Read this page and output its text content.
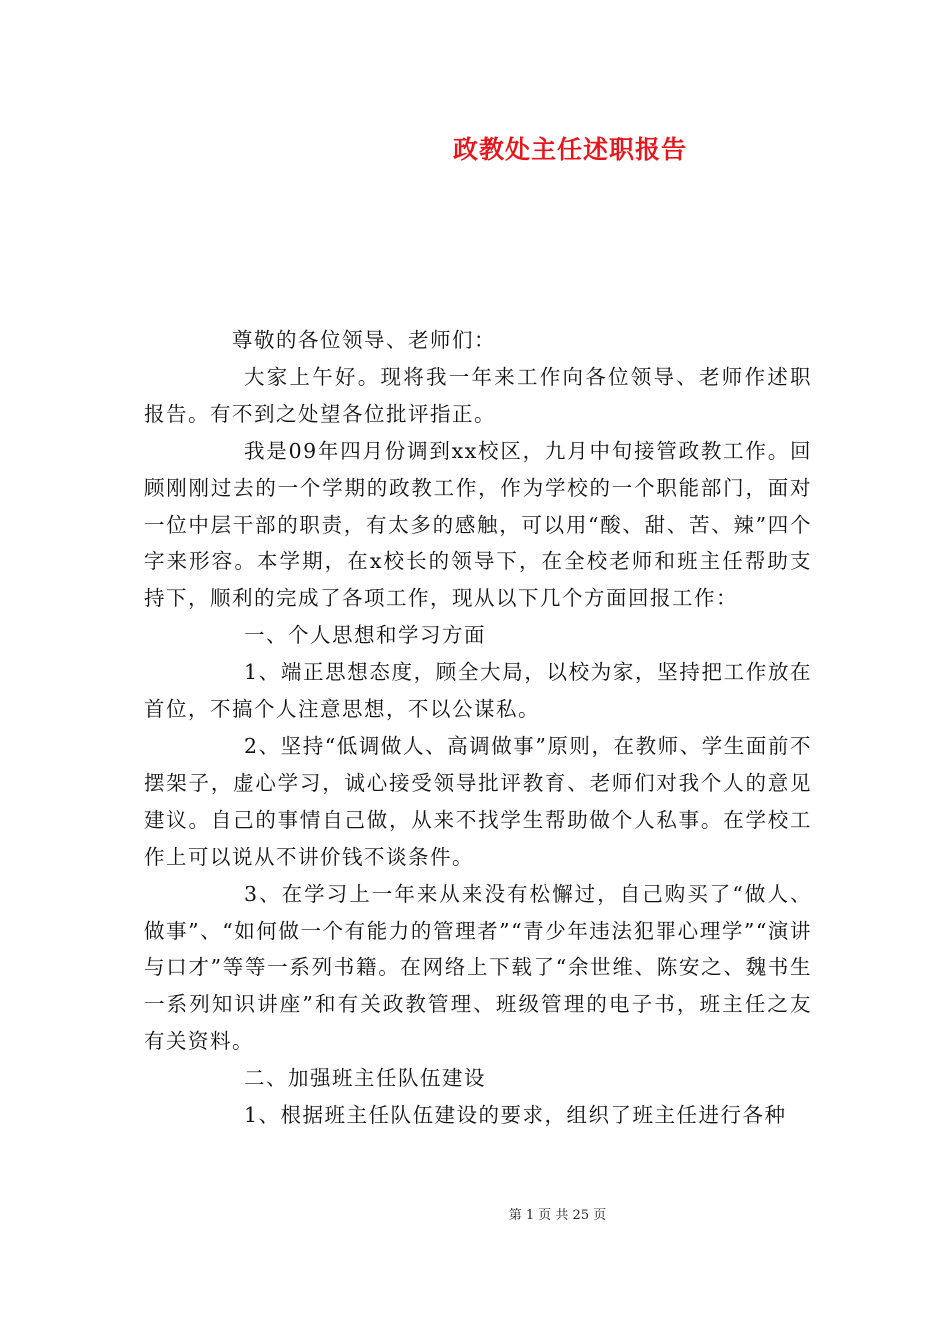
政教处主任述职报告

尊敬的各位领导、老师们：

大家上午好。现将我一年来工作向各位领导、老师作述职报告。有不到之处望各位批评指正。

我是09年四月份调到xx校区，九月中旬接管政教工作。回顾刚刚过去的一个学期的政教工作，作为学校的一个职能部门，面对一位中层干部的职责，有太多的感触，可以用“酸、甜、苦、辣”四个字来形容。本学期，在x校长的领导下，在全校老师和班主任帮助支持下，顺利的完成了各项工作，现从以下几个方面回报工作：

一、个人思想和学习方面

1、端正思想态度，顾全大局，以校为家，坚持把工作放在首位，不搞个人注意思想，不以公谋私。

2、坚持“低调做人、高调做事”原则，在教师、学生面前不摆架子，虚心学习，诚心接受领导批评教育、老师们对我个人的意见建议。自己的事情自己做，从来不找学生帮助做个人私事。在学校工作上可以说从不讲价钱不谈条件。

3、在学习上一年来从来没有松懈过，自己购买了“做人、做事”、“如何做一个有能力的管理者”“青少年违法犯罪心理学”“演讲与口才”等等一系列书籍。在网络上下载了“余世维、陈安之、魏书生一系列知识讲座”和有关政教管理、班级管理的电子书，班主任之友有关资料。

二、加强班主任队伍建设

1、根据班主任队伍建设的要求，组织了班主任进行各种

第 1 页 共 25 页
